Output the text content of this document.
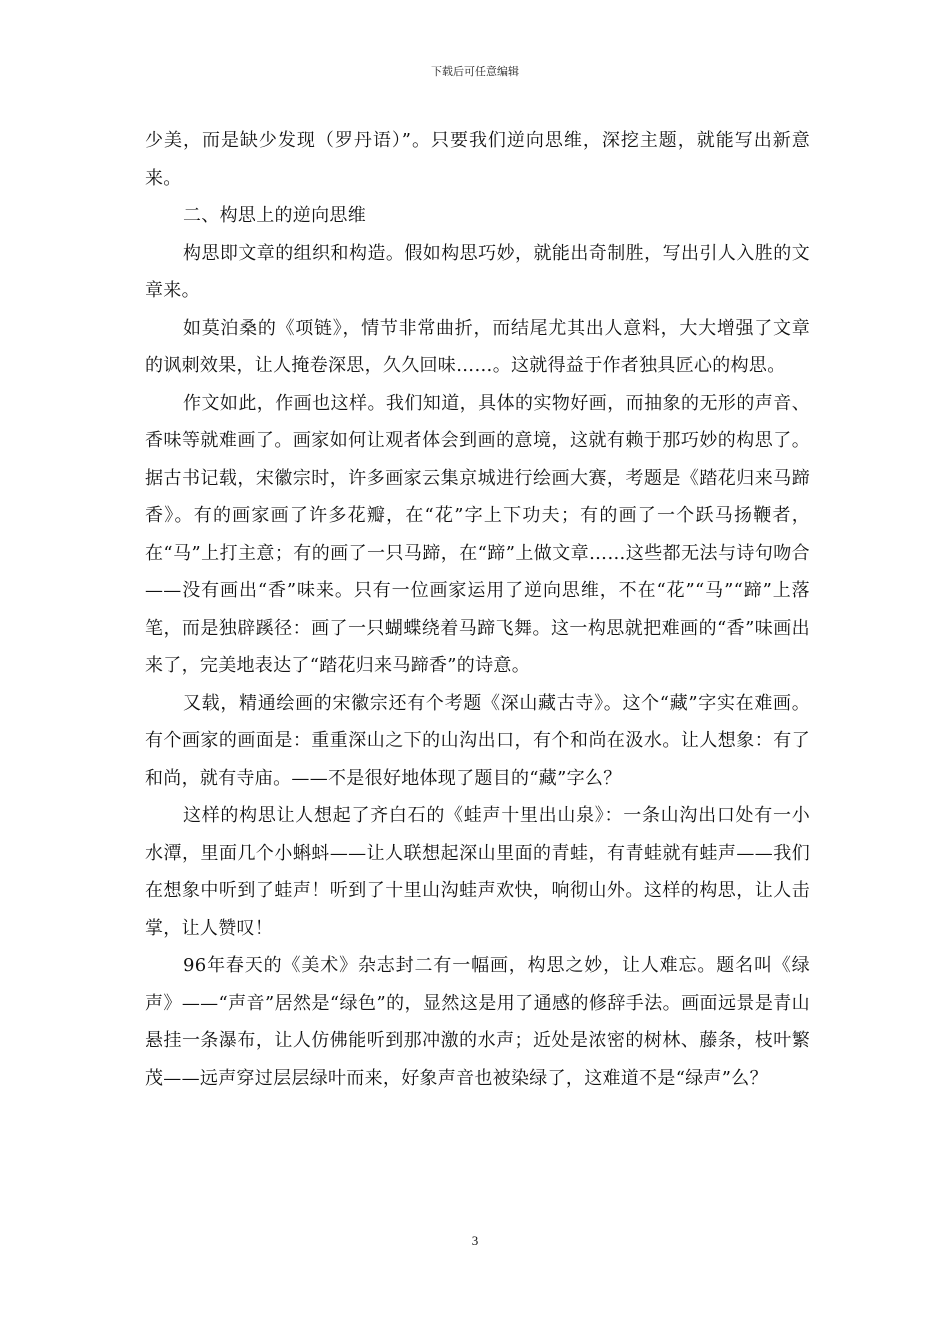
下载后可任意编辑

少美，而是缺少发现（罗丹语）”。只要我们逆向思维，深挖主题，就能写出新意来。

二、构思上的逆向思维

构思即文章的组织和构造。假如构思巧妙，就能出奇制胜，写出引人入胜的文章来。

如莫泊桑的《项链》，情节非常曲折，而结尾尤其出人意料，大大增强了文章的讽刺效果，让人掩卷深思，久久回味……。这就得益于作者独具匠心的构思。

作文如此，作画也这样。我们知道，具体的实物好画，而抽象的无形的声音、香味等就难画了。画家如何让观者体会到画的意境，这就有赖于那巧妙的构思了。据古书记载，宋徽宗时，许多画家云集京城进行绘画大赛，考题是《踏花归来马蹄香》。有的画家画了许多花瓣，在“花”字上下功夫；有的画了一个跃马扬鞭者，在“马”上打主意；有的画了一只马蹄，在“蹄”上做文章……这些都无法与诗句吻合——没有画出“香”味来。只有一位画家运用了逆向思维，不在“花”“马”“蹄”上落笔，而是独辟蹊径：画了一只蝴蝶绕着马蹄飞舞。这一构思就把难画的“香”味画出来了，完美地表达了“踏花归来马蹄香”的诗意。

又载，精通绘画的宋徽宗还有个考题《深山藏古寺》。这个“藏”字实在难画。有个画家的画面是：重重深山之下的山沟出口，有个和尚在汲水。让人想象：有了和尚，就有寺庙。——不是很好地体现了题目的“藏”字么？

这样的构思让人想起了齐白石的《蛙声十里出山泉》：一条山沟出口处有一小水潭，里面几个小蝌蚪——让人联想起深山里面的青蛙，有青蛙就有蛙声——我们在想象中听到了蛙声！听到了十里山沟蛙声欢快，响彻山外。这样的构思，让人击掌，让人赞叹！

96年春天的《美术》杂志封二有一幅画，构思之妙，让人难忘。题名叫《绿声》——“声音”居然是“绿色”的，显然这是用了通感的修辞手法。画面远景是青山悬挂一条瀑布，让人仿佛能听到那冲激的水声；近处是浓密的树林、藤条，枝叶繁茂——远声穿过层层绿叶而来，好象声音也被染绿了，这难道不是“绿声”么？

3
